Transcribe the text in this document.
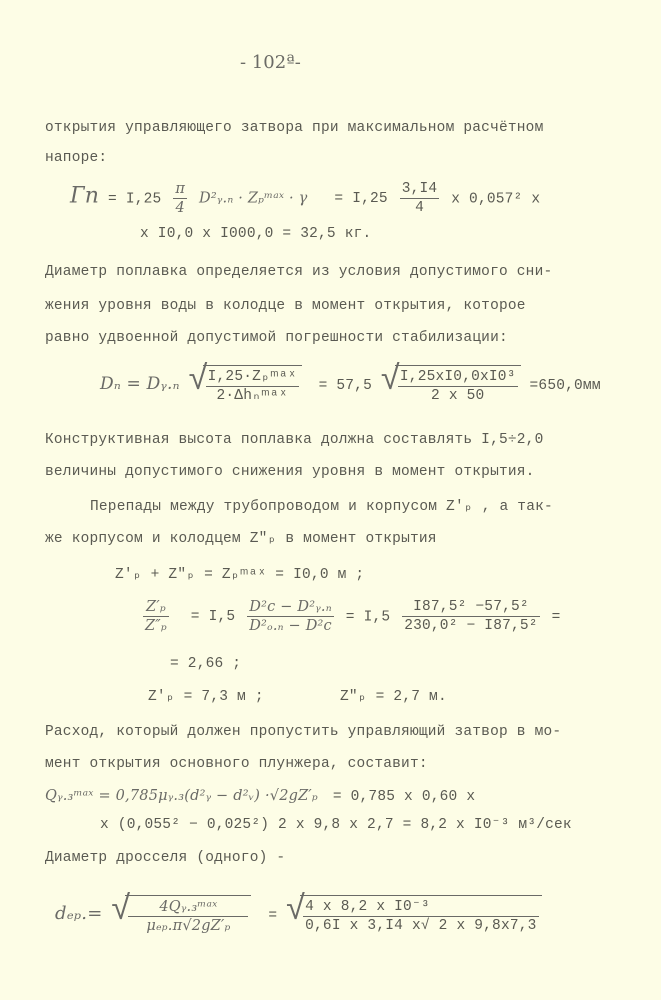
- 102ª-
открытия управляющего затвора при максимальном расчётном
напоре:
Гп = $I,25 \frac{\pi}{4}$ D²ᵧ.ₙ · Zₚᵐᵃˣ · $\gamma = I,25 \frac{3,I4}{4}$ x 0,057² x
x I0,0 x I000,0 = 32,5 кг.
Диаметр поплавка определяется из условия допустимого сни-
жения уровня воды в колодце в момент открытия, которое
равно удвоенной допустимой погрешности стабилизации:
Dₙ = Dᵧ.ₙ √ $\frac{\text{I,25·Zₚᵐᵃˣ}}{\text{2·Δhₙᵐᵃˣ}} = 57,5$ √ $\frac{\text{I,25xI0,0xI0³}}{2 x 50} =650,0мм$
Конструктивная высота поплавка должна составлять I,5÷2,0
величины допустимого снижения уровня в момент открытия.
Перепады между трубопроводом и корпусом Z′ₚ , а так-
же корпусом и колодцем Z″ₚ в момент открытия
Z′ₚ + Z″ₚ = Zₚᵐᵃˣ = I0,0 м ;
$\frac{\text{Z′ₚ}}{\text{Z″ₚ}} = I,5 \frac{\text{D²c − D²ᵧ.ₙ}}{\text{D²ₒ.ₙ − D²c}} = I,5 \frac{\text{I87,5² −57,5²}}{\text{230,0² − I87,5²}}$ =
= 2,66 ;
Z′ₚ = 7,3 м ;	Z″ₚ = 2,7 м.
Расход, который должен пропустить управляющий затвор в мо-
мент открытия основного плунжера, составит:
Qᵧ.₃ᵐᵃˣ = 0,785μᵧ.₃(d²ᵧ − d²ᵥ) ·√2gZ′ₚ = 0,785 x 0,60 x
x (0,055² − 0,025²) 2 x 9,8 x 2,7 = 8,2 x I0⁻³ м³/сек
Диаметр дросселя (одного) -
dₑₚ.= √ $\frac{\text{4Qᵧ.₃ᵐᵃˣ}}{\text{μₑₚ.π√2gZ′ₚ}}$ = √ $\frac{\text{4 x 8,2 x I0⁻³}}{\text{0,6I x 3,I4 x√ 2 x 9,8x7,3}}$
